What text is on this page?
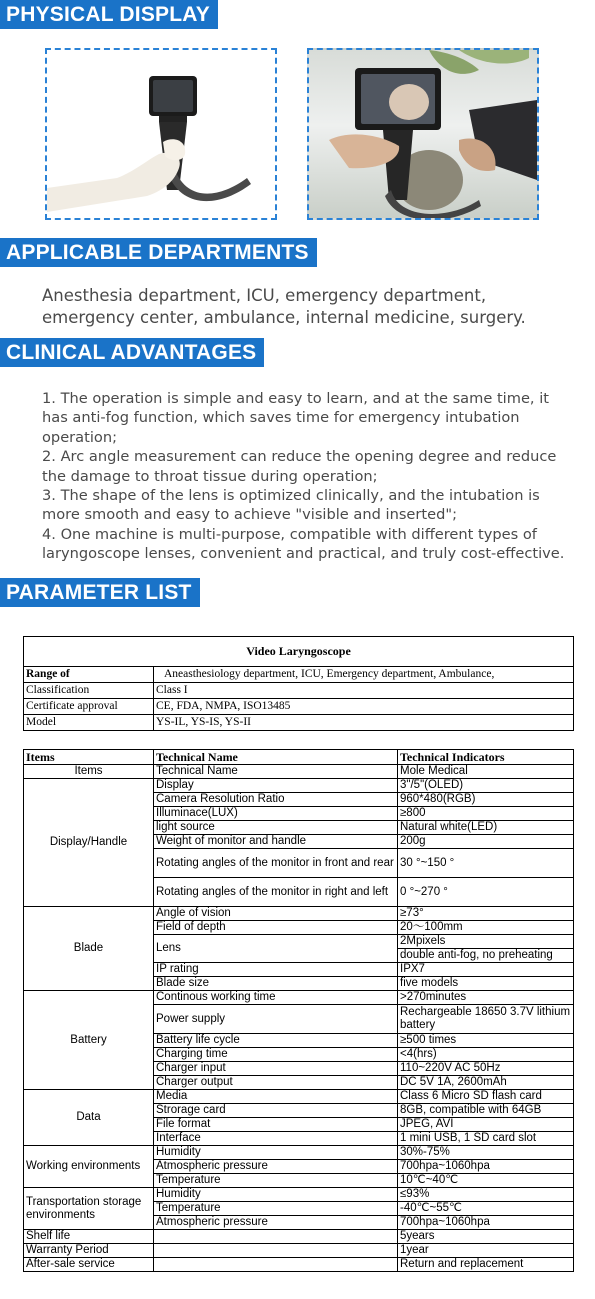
PHYSICAL DISPLAY
APPLICABLE DEPARTMENTS
CLINICAL ADVANTAGES
PARAMETER LIST
Anesthesia department, ICU, emergency department, emergency center, ambulance, internal medicine, surgery.
1. The operation is simple and easy to learn, and at the same time, it has anti-fog function, which saves time for emergency intubation operation;
2. Arc angle measurement can reduce the opening degree and reduce the damage to throat tissue during operation;
3. The shape of the lens is optimized clinically, and the intubation is more smooth and easy to achieve "visible and inserted";
4. One machine is multi-purpose, compatible with different types of laryngoscope lenses, convenient and practical, and truly cost-effective.
Video Laryngoscope	
Range of	Aneasthesiology department, ICU, Emergency department, Ambulance,
Classification	Class I
Certificate approval	CE, FDA, NMPA, ISO13485
Model	YS-IL, YS-IS, YS-II
Items	Technical Name	Technical Indicators
Items	Technical Name	Mole Medical
Display/Handle	Display	3"/5"(OLED)
	Camera Resolution Ratio	960*480(RGB)
	Illuminace(LUX)	≥800
	light source	Natural white(LED)
	Weight of monitor and handle	200g
	Rotating angles of the monitor in front and rear	30 °~150 °
	Rotating angles of the monitor in right and left	0 °~270 °
Blade	Angle of vision	≥73°
	Field of depth	20～100mm
	Lens	2Mpixels
		double anti-fog, no preheating
	IP rating	IPX7
	Blade size	five models
Battery	Continous working time	>270minutes
	Power supply	Rechargeable 18650 3.7V lithium battery
	Battery life cycle	≥500 times
	Charging time	<4(hrs)
	Charger input	110~220V AC 50Hz
	Charger output	DC 5V 1A, 2600mAh
Data	Media	Class 6 Micro SD flash card
	Strorage card	8GB, compatible with 64GB
	File format	JPEG, AVI
	Interface	1 mini USB, 1 SD card slot
Working environments	Humidity	30%-75%
	Atmospheric pressure	700hpa~1060hpa
	Temperature	10℃~40℃
Transportation storage environments	Humidity	≤93%
	Temperature	-40℃~55℃
	Atmospheric pressure	700hpa~1060hpa
Shelf life		5years
Warranty Period		1year
After-sale service		Return and replacement
